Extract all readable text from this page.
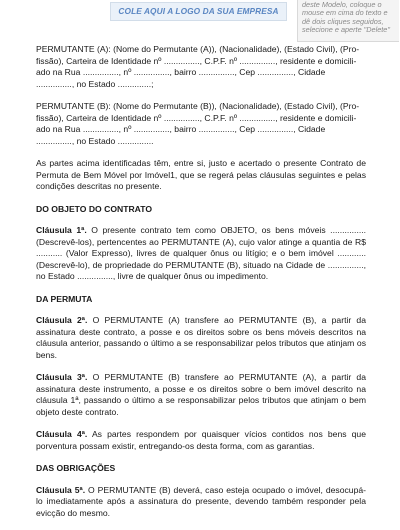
COLE AQUI A LOGO DA SUA EMPRESA
deste Modelo, coloque o mouse em cima do texto e dê dois cliques seguidos, selecione e aperte "Delete"

PERMUTANTE (A): (Nome do Permutante (A)), (Nacionalidade), (Estado Civil), (Pro-

fissão), Carteira de Identidade nº ..............., C.P.F. nº ..............., residente e domicili-

ado na Rua ..............., nº ..............., bairro ..............., Cep ..............., Cidade

..............., no Estado ..............;

PERMUTANTE (B): (Nome do Permutante (B)), (Nacionalidade), (Estado Civil), (Pro-

fissão), Carteira de Identidade nº ..............., C.P.F. nº ..............., residente e domicili-

ado na Rua ..............., nº ..............., bairro ..............., Cep ..............., Cidade

..............., no Estado ...............

As partes acima identificadas têm, entre si, justo e acertado o presente Contrato de Permuta de Bem Móvel por Imóvel1, que se regerá pelas cláusulas seguintes e pelas condições descritas no presente.

DO OBJETO DO CONTRATO

Cláusula 1ª. O presente contrato tem como OBJETO, os bens móveis ............... (Descrevê-los), pertencentes ao PERMUTANTE (A), cujo valor atinge a quantia de R$ ........... (Valor Expresso), livres de qualquer ônus ou litígio; e o bem imóvel ............ (Descrevê-lo), de propriedade do PERMUTANTE (B), situado na Cidade de ..............., no Estado ..............., livre de qualquer ônus ou impedimento.

DA PERMUTA

Cláusula 2ª. O PERMUTANTE (A) transfere ao PERMUTANTE (B), a partir da assinatura deste contrato, a posse e os direitos sobre os bens móveis descritos na cláusula anterior, passando o último a se responsabilizar pelos tributos que atinjam os bens.

Cláusula 3ª. O PERMUTANTE (B) transfere ao PERMUTANTE (A), a partir da assinatura deste instrumento, a posse e os direitos sobre o bem imóvel descrito na cláusula 1ª, passando o último a se responsabilizar pelos tributos que atinjam o bem objeto deste contrato.

Cláusula 4ª. As partes respondem por quaisquer vícios contidos nos bens que porventura possam existir, entregando-os desta forma, com as garantias.

DAS OBRIGAÇÕES

Cláusula 5ª. O PERMUTANTE (B) deverá, caso esteja ocupado o imóvel, desocupá-lo imediatamente após a assinatura do presente, devendo também responder pela evicção do mesmo.
